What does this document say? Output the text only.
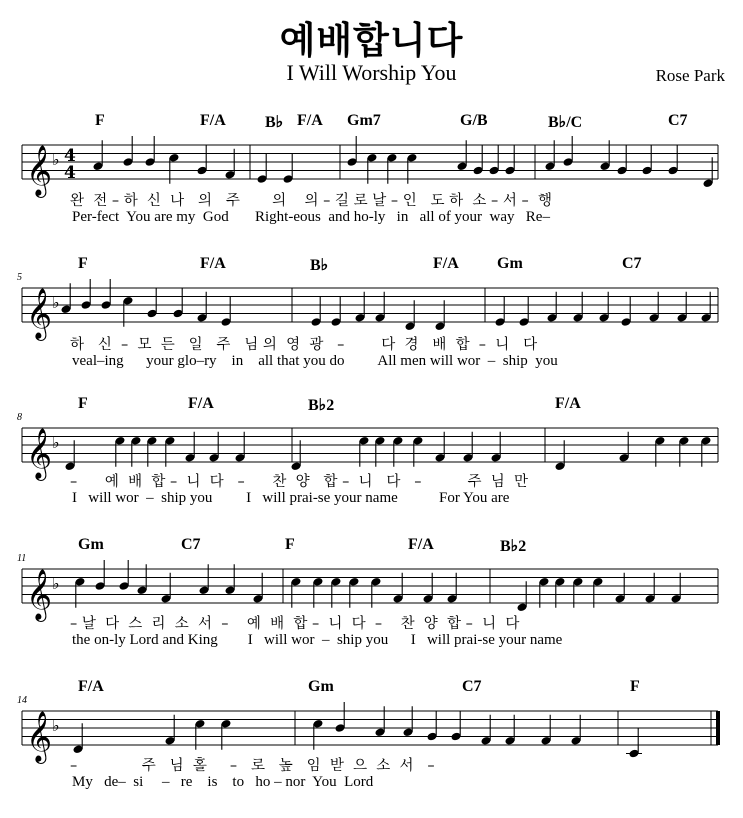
예배합니다
I Will Worship You	Rose Park
F	F/A B♭ F/A Gm7	G/B	B♭/C	C7
𝄞 ♭ 4
4
완  전 – 하  신  나   의   주       의    의 – 길 로 날 – 인   도 하  소 – 서 –  행
Per-fect  You are my  God       Right-eous  and ho-ly   in   all of your  way   Re–
F	F/A	B♭	F/A Gm	C7
5
𝄞 ♭
하   신  –  모  든   일   주   님 의  영  광   –        다  경   배  합  –  니   다
veal–ing      your glo–ry    in    all that you do         All men will wor  –  ship  you
F	F/A	B♭2	F/A
8
𝄞 ♭
–      예  배  합 –  니  다   –      찬  양   합 –  니   다   –          주  님  만
I   will wor  –  ship you         I   will prai-se your name           For You are
Gm	C7	F	F/A	B♭2
11
𝄞 ♭
– 날  다  스  리  소  서  –    예  배  합 –  니  다  –    찬  양  합 –  니  다
the on-ly Lord and King        I   will wor  –  ship you      I   will prai-se your name
F/A	Gm	C7	F
14
𝄞 ♭
–              주   님  홀     –   로   높   임  받  으  소  서   –
My   de–  si     –   re    is    to   ho – nor  You  Lord
